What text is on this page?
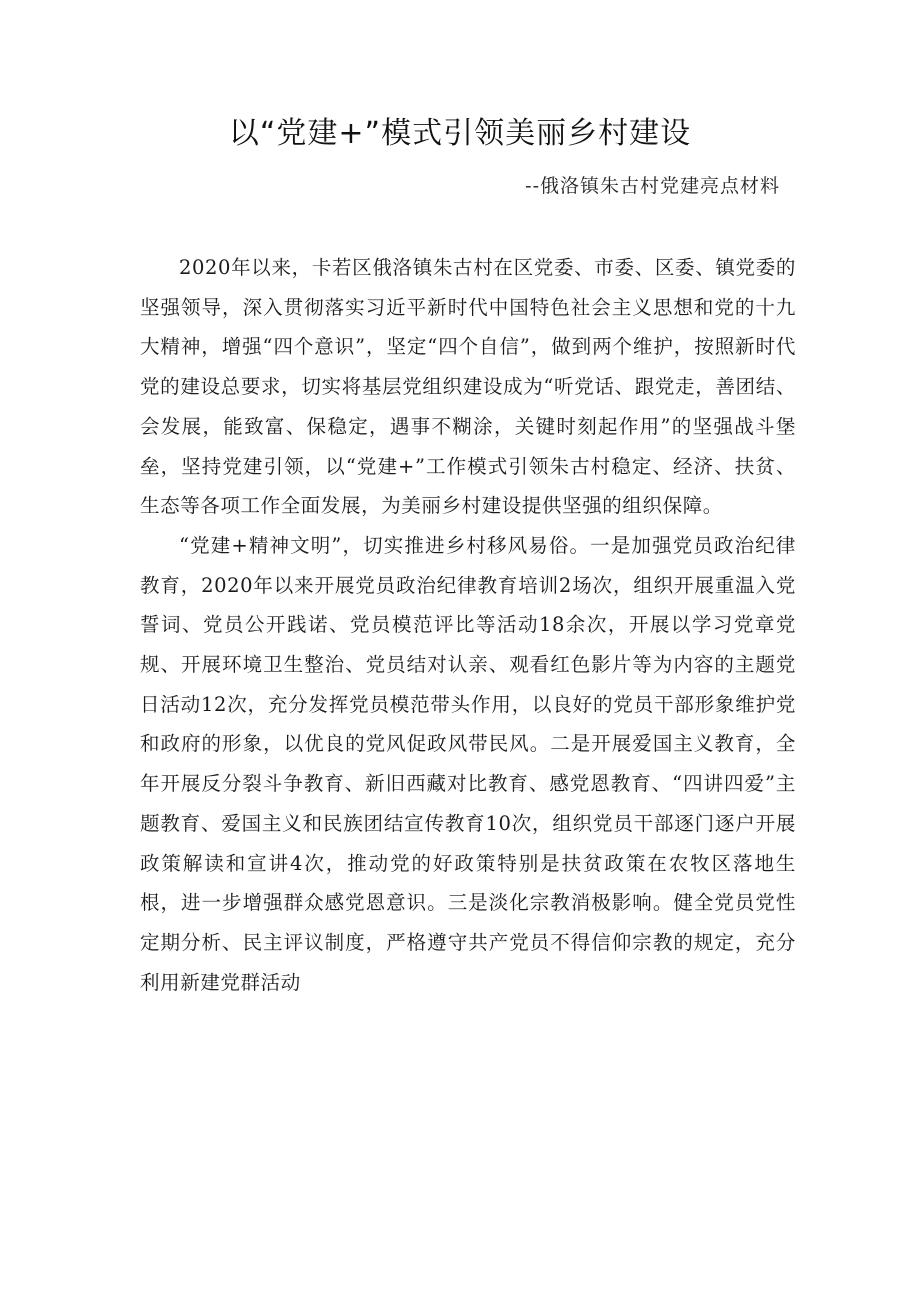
以“党建+”模式引领美丽乡村建设
--俄洛镇朱古村党建亮点材料

2020年以来，卡若区俄洛镇朱古村在区党委、市委、区委、镇党委的坚强领导，深入贯彻落实习近平新时代中国特色社会主义思想和党的十九大精神，增强“四个意识”，坚定“四个自信”，做到两个维护，按照新时代党的建设总要求，切实将基层党组织建设成为“听党话、跟党走，善团结、会发展，能致富、保稳定，遇事不糊涂，关键时刻起作用”的坚强战斗堡垒，坚持党建引领，以“党建+”工作模式引领朱古村稳定、经济、扶贫、生态等各项工作全面发展，为美丽乡村建设提供坚强的组织保障。

“党建+精神文明”，切实推进乡村移风易俗。一是加强党员政治纪律教育，2020年以来开展党员政治纪律教育培训2场次，组织开展重温入党誓词、党员公开践诺、党员模范评比等活动18余次，开展以学习党章党规、开展环境卫生整治、党员结对认亲、观看红色影片等为内容的主题党日活动12次，充分发挥党员模范带头作用，以良好的党员干部形象维护党和政府的形象，以优良的党风促政风带民风。二是开展爱国主义教育，全年开展反分裂斗争教育、新旧西藏对比教育、感党恩教育、“四讲四爱”主题教育、爱国主义和民族团结宣传教育10次，组织党员干部逐门逐户开展政策解读和宣讲4次，推动党的好政策特别是扶贫政策在农牧区落地生根，进一步增强群众感党恩意识。三是淡化宗教消极影响。健全党员党性定期分析、民主评议制度，严格遵守共产党员不得信仰宗教的规定，充分利用新建党群活动
